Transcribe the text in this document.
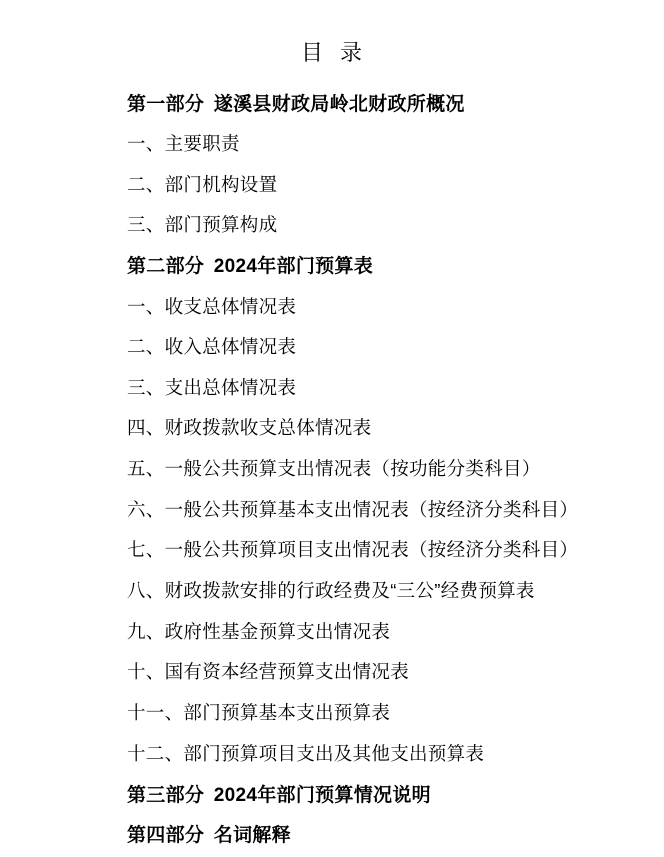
目 录
第一部分 遂溪县财政局岭北财政所概况
一、主要职责
二、部门机构设置
三、部门预算构成
第二部分 2024年部门预算表
一、收支总体情况表
二、收入总体情况表
三、支出总体情况表
四、财政拨款收支总体情况表
五、一般公共预算支出情况表（按功能分类科目）
六、一般公共预算基本支出情况表（按经济分类科目）
七、一般公共预算项目支出情况表（按经济分类科目）
八、财政拨款安排的行政经费及“三公”经费预算表
九、政府性基金预算支出情况表
十、国有资本经营预算支出情况表
十一、部门预算基本支出预算表
十二、部门预算项目支出及其他支出预算表
第三部分 2024年部门预算情况说明
第四部分 名词解释
